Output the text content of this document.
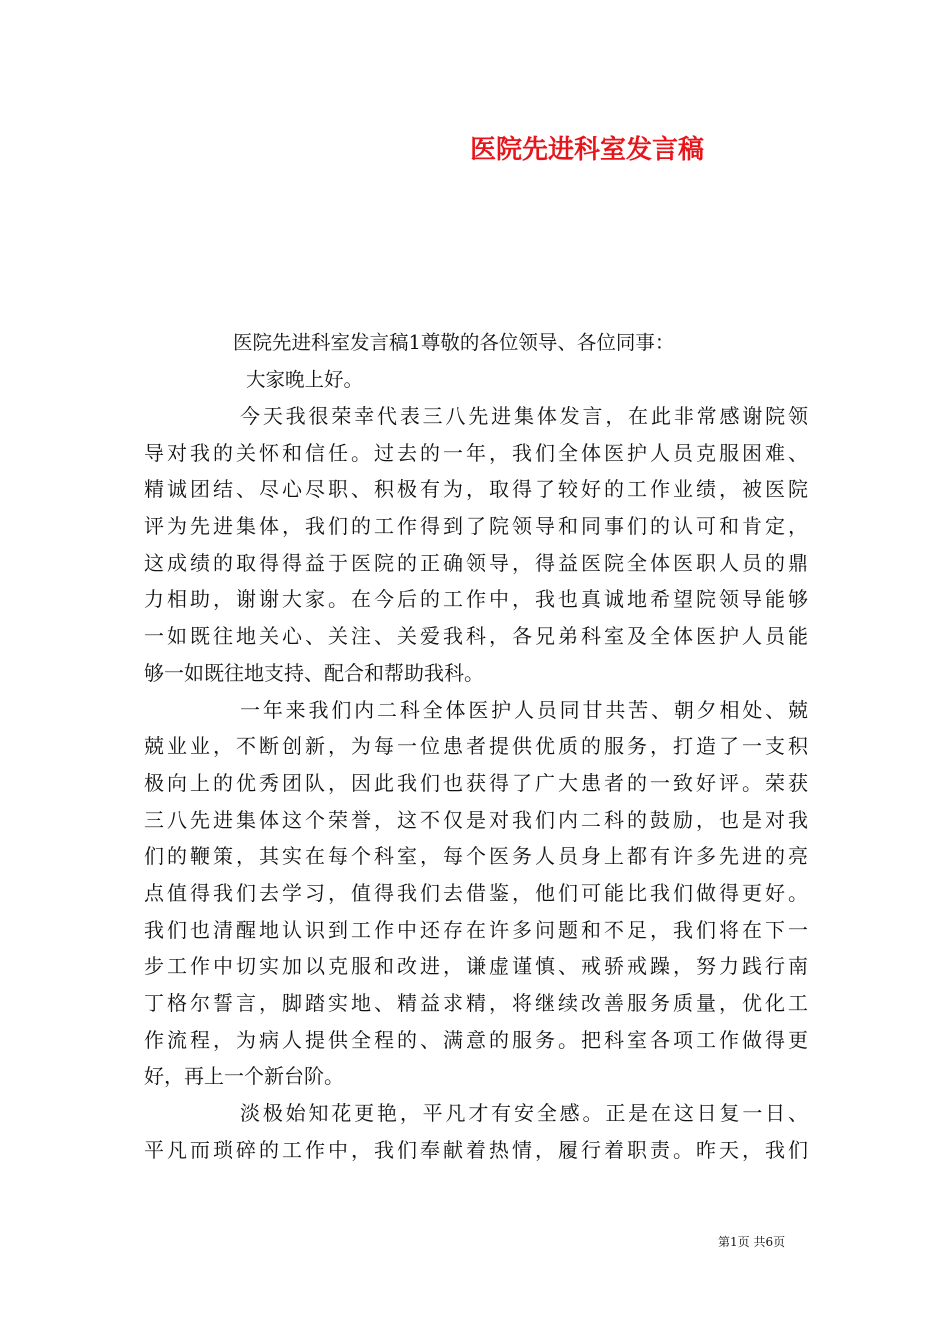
医院先进科室发言稿
医院先进科室发言稿1尊敬的各位领导、各位同事：
大家晚上好。
今天我很荣幸代表三八先进集体发言，在此非常感谢院领
导对我的关怀和信任。过去的一年，我们全体医护人员克服困难、
精诚团结、尽心尽职、积极有为，取得了较好的工作业绩，被医院
评为先进集体，我们的工作得到了院领导和同事们的认可和肯定，
这成绩的取得得益于医院的正确领导，得益医院全体医职人员的鼎
力相助，谢谢大家。在今后的工作中，我也真诚地希望院领导能够
一如既往地关心、关注、关爱我科，各兄弟科室及全体医护人员能
够一如既往地支持、配合和帮助我科。
一年来我们内二科全体医护人员同甘共苦、朝夕相处、兢
兢业业，不断创新，为每一位患者提供优质的服务，打造了一支积
极向上的优秀团队，因此我们也获得了广大患者的一致好评。荣获
三八先进集体这个荣誉，这不仅是对我们内二科的鼓励，也是对我
们的鞭策，其实在每个科室，每个医务人员身上都有许多先进的亮
点值得我们去学习，值得我们去借鉴，他们可能比我们做得更好。
我们也清醒地认识到工作中还存在许多问题和不足，我们将在下一
步工作中切实加以克服和改进，谦虚谨慎、戒骄戒躁，努力践行南
丁格尔誓言，脚踏实地、精益求精，将继续改善服务质量，优化工
作流程，为病人提供全程的、满意的服务。把科室各项工作做得更
好，再上一个新台阶。
淡极始知花更艳，平凡才有安全感。正是在这日复一日、
平凡而琐碎的工作中，我们奉献着热情，履行着职责。昨天，我们
第1页 共6页
